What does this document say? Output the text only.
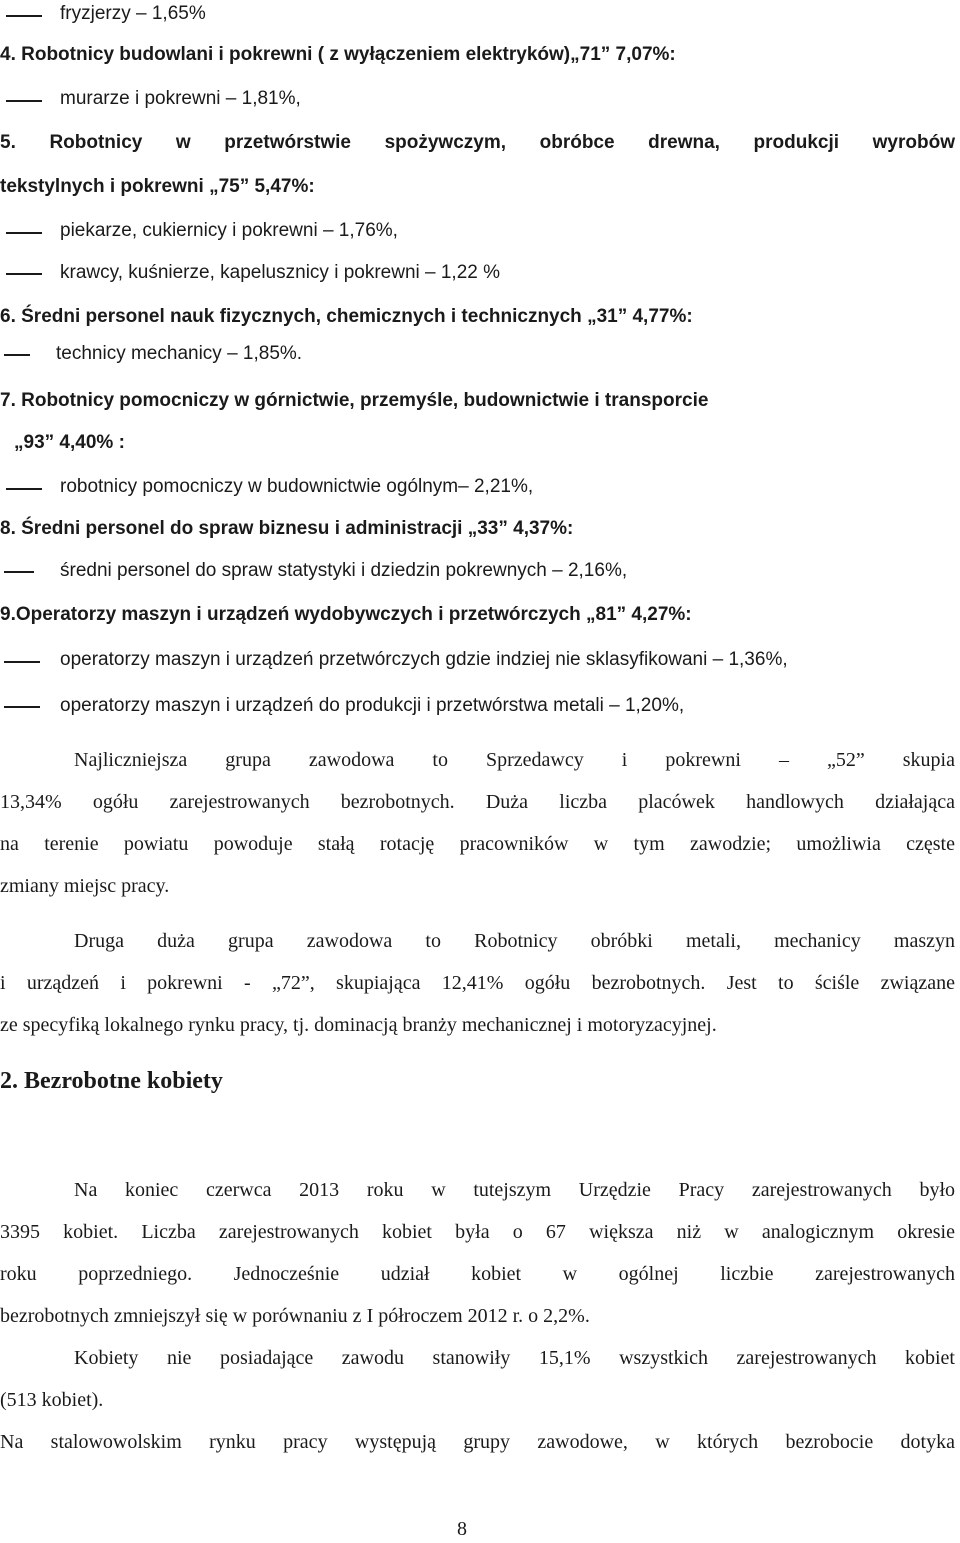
fryzjerzy – 1,65%
4. Robotnicy budowlani i pokrewni ( z wyłączeniem elektryków)„71” 7,07%:
murarze i pokrewni – 1,81%,
5. Robotnicy w przetwórstwie spożywczym, obróbce drewna, produkcji wyrobów
tekstylnych i pokrewni „75” 5,47%:
piekarze, cukiernicy i pokrewni – 1,76%,
krawcy, kuśnierze, kapelusznicy i pokrewni – 1,22 %
6. Średni personel nauk fizycznych, chemicznych i technicznych „31” 4,77%:
technicy mechanicy – 1,85%.
7. Robotnicy pomocniczy w górnictwie, przemyśle, budownictwie i transporcie
„93” 4,40% :
robotnicy pomocniczy w budownictwie ogólnym– 2,21%,
8. Średni personel do spraw biznesu i administracji „33” 4,37%:
średni personel do spraw statystyki i dziedzin pokrewnych – 2,16%,
9.Operatorzy maszyn i urządzeń wydobywczych i przetwórczych „81” 4,27%:
operatorzy maszyn i urządzeń przetwórczych gdzie indziej nie sklasyfikowani – 1,36%,
operatorzy maszyn i urządzeń do produkcji i przetwórstwa metali – 1,20%,
Najliczniejsza grupa zawodowa to Sprzedawcy i pokrewni – „52” skupia
13,34% ogółu zarejestrowanych bezrobotnych. Duża liczba placówek handlowych działająca
na terenie powiatu powoduje stałą rotację pracowników w tym zawodzie; umożliwia częste
zmiany miejsc pracy.
Druga duża grupa zawodowa to Robotnicy obróbki metali, mechanicy maszyn
i urządzeń i pokrewni - „72”, skupiająca 12,41% ogółu bezrobotnych. Jest to ściśle związane
ze specyfiką lokalnego rynku pracy, tj. dominacją branży mechanicznej i motoryzacyjnej.
2. Bezrobotne kobiety
Na koniec czerwca 2013 roku w tutejszym Urzędzie Pracy zarejestrowanych było
3395 kobiet. Liczba zarejestrowanych kobiet była o 67 większa niż w analogicznym okresie
roku poprzedniego. Jednocześnie udział kobiet w ogólnej liczbie zarejestrowanych
bezrobotnych zmniejszył się w porównaniu z I półroczem 2012 r. o 2,2%.
Kobiety nie posiadające zawodu stanowiły 15,1% wszystkich zarejestrowanych kobiet
(513 kobiet).
Na stalowowolskim rynku pracy występują grupy zawodowe, w których bezrobocie dotyka
8
